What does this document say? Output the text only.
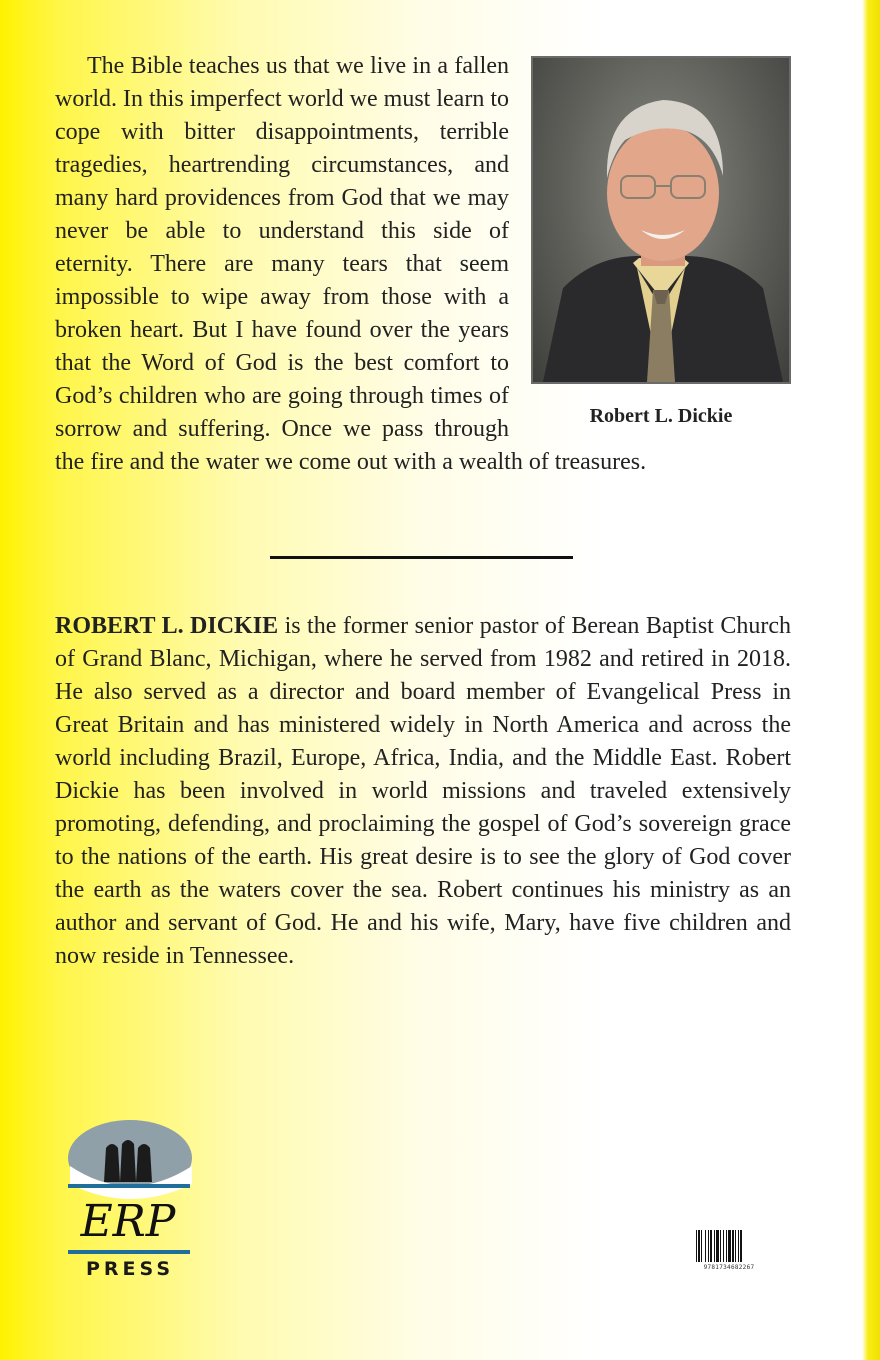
Robert L. Dickie

The Bible teaches us that we live in a fallen world. In this imperfect world we must learn to cope with bitter disappointments, terrible tragedies, heartrending circumstances, and many hard providences from God that we may never be able to understand this side of eternity. There are many tears that seem impossible to wipe away from those with a broken heart. But I have found over the years that the Word of God is the best comfort to God’s children who are going through times of sorrow and suffering. Once we pass through the fire and the water we come out with a wealth of treasures.

ROBERT L. DICKIE is the former senior pastor of Berean Baptist Church of Grand Blanc, Michigan, where he served from 1982 and retired in 2018. He also served as a director and board member of Evangelical Press in Great Britain and has ministered widely in North America and across the world including Brazil, Europe, Africa, India, and the Middle East. Robert Dickie has been involved in world missions and traveled extensively promoting, defending, and proclaiming the gospel of God’s sovereign grace to the nations of the earth. His great desire is to see the glory of God cover the earth as the waters cover the sea. Robert continues his ministry as an author and servant of God. He and his wife, Mary, have five children and now reside in Tennessee.

ERP
PRESS	9781734682267
